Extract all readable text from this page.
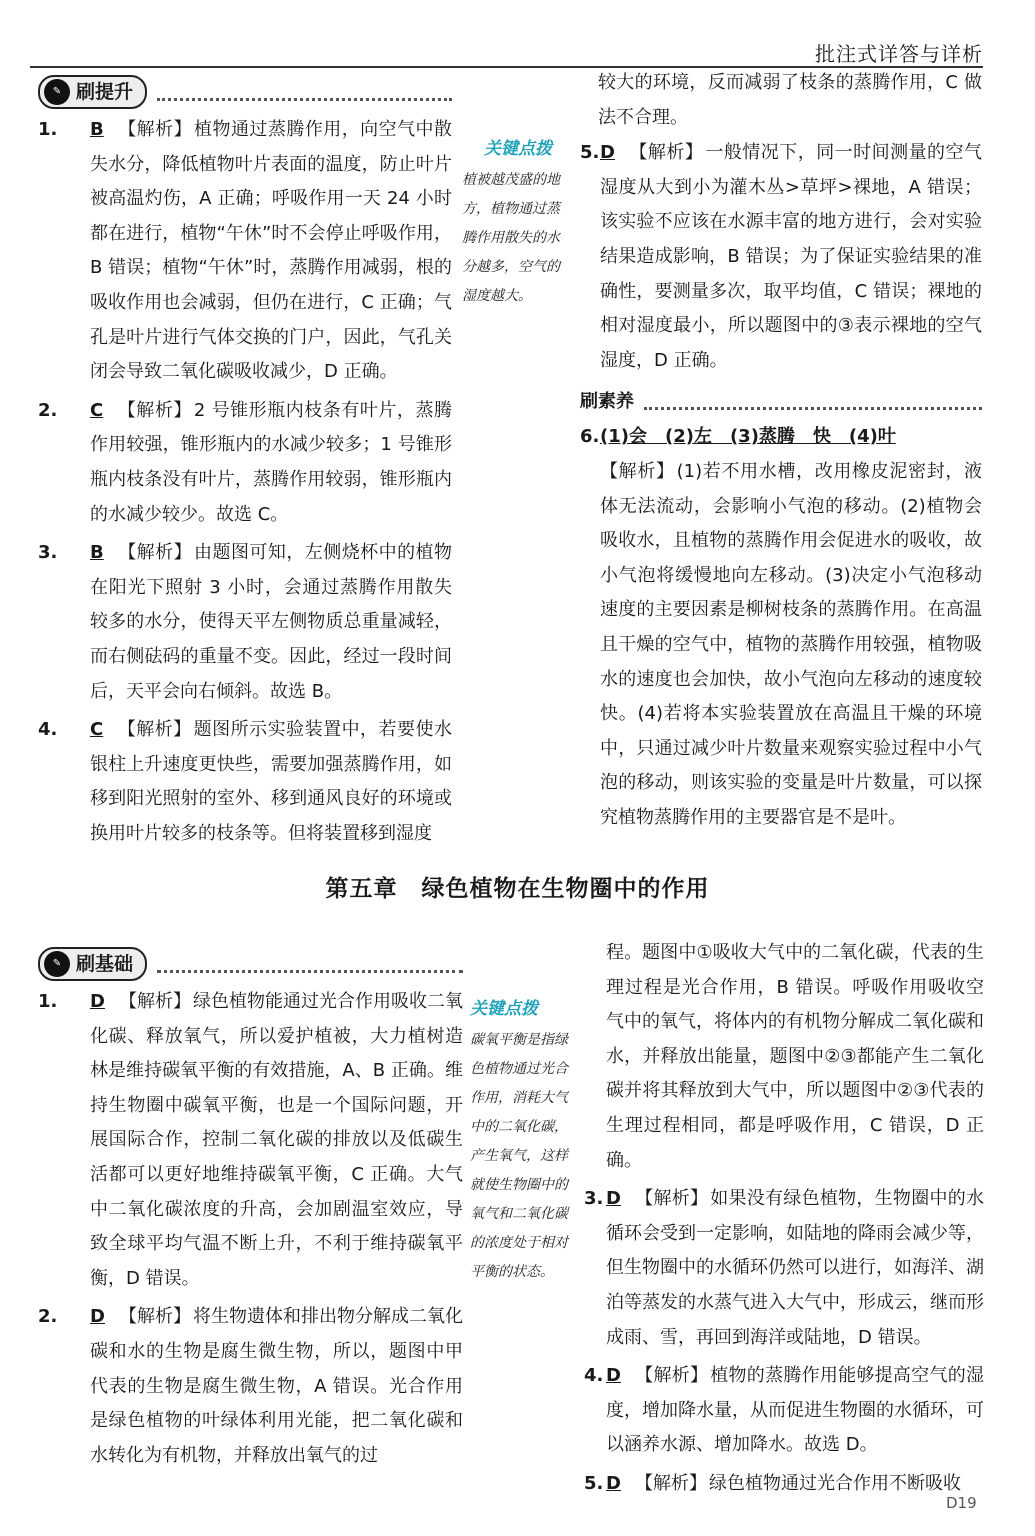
批注式详答与详析
✎ 刷提升
1.	B 【解析】 植物通过蒸腾作用，向空气中散失水分，降低植物叶片表面的温度，防止叶片被高温灼伤，A 正确；呼吸作用一天 24 小时都在进行，植物“午休”时不会停止呼吸作用，B 错误；植物“午休”时，蒸腾作用减弱，根的吸收作用也会减弱，但仍在进行，C 正确；气孔是叶片进行气体交换的门户，因此，气孔关闭会导致二氧化碳吸收减少，D 正确。
2.	C 【解析】 2 号锥形瓶内枝条有叶片，蒸腾作用较强，锥形瓶内的水减少较多；1 号锥形瓶内枝条没有叶片，蒸腾作用较弱，锥形瓶内的水减少较少。故选 C。
3.	B 【解析】 由题图可知，左侧烧杯中的植物在阳光下照射 3 小时，会通过蒸腾作用散失较多的水分，使得天平左侧物质总重量减轻，而右侧砝码的重量不变。因此，经过一段时间后，天平会向右倾斜。故选 B。
4.	C 【解析】 题图所示实验装置中，若要使水银柱上升速度更快些，需要加强蒸腾作用，如移到阳光照射的室外、移到通风良好的环境或换用叶片较多的枝条等。但将装置移到湿度
关键点拨
植被越茂盛的地方，植物通过蒸腾作用散失的水分越多，空气的湿度越大。
较大的环境，反而减弱了枝条的蒸腾作用，C 做法不合理。
5. D 【解析】 一般情况下，同一时间测量的空气湿度从大到小为灌木丛>草坪>裸地，A 错误；该实验不应该在水源丰富的地方进行，会对实验结果造成影响，B 错误；为了保证实验结果的准确性，要测量多次，取平均值，C 错误；裸地的相对湿度最小，所以题图中的③表示裸地的空气湿度，D 正确。
刷素养
6. (1)会　(2)左　(3)蒸腾　快　(4)叶
【解析】 (1)若不用水槽，改用橡皮泥密封，液体无法流动，会影响小气泡的移动。(2)植物会吸收水，且植物的蒸腾作用会促进水的吸收，故小气泡将缓慢地向左移动。(3)决定小气泡移动速度的主要因素是柳树枝条的蒸腾作用。在高温且干燥的空气中，植物的蒸腾作用较强，植物吸水的速度也会加快，故小气泡向左移动的速度较快。(4)若将本实验装置放在高温且干燥的环境中，只通过减少叶片数量来观察实验过程中小气泡的移动，则该实验的变量是叶片数量，可以探究植物蒸腾作用的主要器官是不是叶。
第五章　绿色植物在生物圈中的作用
✎ 刷基础
1.	D 【解析】 绿色植物能通过光合作用吸收二氧化碳、释放氧气，所以爱护植被，大力植树造林是维持碳氧平衡的有效措施，A、B 正确。维持生物圈中碳氧平衡，也是一个国际问题，开展国际合作，控制二氧化碳的排放以及低碳生活都可以更好地维持碳氧平衡，C 正确。大气中二氧化碳浓度的升高，会加剧温室效应，导致全球平均气温不断上升，不利于维持碳氧平衡，D 错误。
2.	D 【解析】 将生物遗体和排出物分解成二氧化碳和水的生物是腐生微生物，所以，题图中甲代表的生物是腐生微生物，A 错误。光合作用是绿色植物的叶绿体利用光能，把二氧化碳和水转化为有机物，并释放出氧气的过
关键点拨
碳氧平衡是指绿色植物通过光合作用，消耗大气中的二氧化碳，产生氧气，这样就使生物圈中的氧气和二氧化碳的浓度处于相对平衡的状态。
程。题图中①吸收大气中的二氧化碳，代表的生理过程是光合作用，B 错误。呼吸作用吸收空气中的氧气，将体内的有机物分解成二氧化碳和水，并释放出能量，题图中②③都能产生二氧化碳并将其释放到大气中，所以题图中②③代表的生理过程相同，都是呼吸作用，C 错误，D 正确。
3. D 【解析】 如果没有绿色植物，生物圈中的水循环会受到一定影响，如陆地的降雨会减少等，但生物圈中的水循环仍然可以进行，如海洋、湖泊等蒸发的水蒸气进入大气中，形成云，继而形成雨、雪，再回到海洋或陆地，D 错误。
4. D 【解析】 植物的蒸腾作用能够提高空气的湿度，增加降水量，从而促进生物圈的水循环，可以涵养水源、增加降水。故选 D。
5. D 【解析】 绿色植物通过光合作用不断吸收
D19
